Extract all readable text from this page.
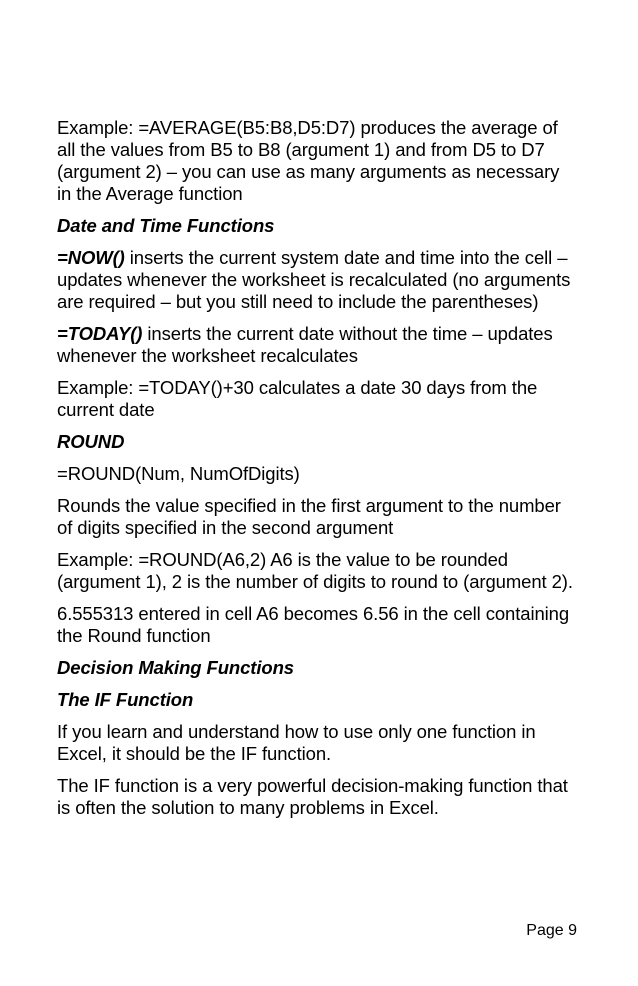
Example: =AVERAGE(B5:B8,D5:D7) produces the average of all the values from B5 to B8 (argument 1) and from D5 to D7 (argument 2) – you can use as many arguments as necessary in the Average function

Date and Time Functions

=NOW() inserts the current system date and time into the cell – updates whenever the worksheet is recalculated (no arguments are required – but you still need to include the parentheses)

=TODAY() inserts the current date without the time – updates whenever the worksheet recalculates

Example: =TODAY()+30 calculates a date 30 days from the current date

ROUND

=ROUND(Num, NumOfDigits)

Rounds the value specified in the first argument to the number of digits specified in the second argument

Example: =ROUND(A6,2) A6 is the value to be rounded (argument 1), 2 is the number of digits to round to (argument 2).

6.555313 entered in cell A6 becomes 6.56 in the cell containing the Round function

Decision Making Functions

The IF Function

If you learn and understand how to use only one function in Excel, it should be the IF function.

The IF function is a very powerful decision-making function that is often the solution to many problems in Excel.

Page 9
